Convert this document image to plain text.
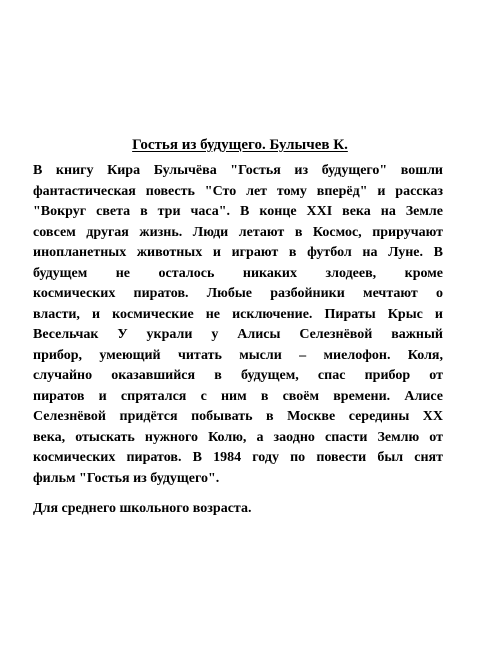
Гостья из будущего. Булычев К.

В книгу Кира Булычёва "Гостья из будущего" вошли
фантастическая повесть "Сто лет тому вперёд" и рассказ
"Вокруг света в три часа". В конце XXI века на Земле
совсем другая жизнь. Люди летают в Космос, приручают
инопланетных животных и играют в футбол на Луне. В
будущем не осталось никаких злодеев, кроме
космических пиратов. Любые разбойники мечтают о
власти, и космические не исключение. Пираты Крыс и
Весельчак У украли у Алисы Селезнёвой важный
прибор, умеющий читать мысли – миелофон. Коля,
случайно оказавшийся в будущем, спас прибор от
пиратов и спрятался с ним в своём времени. Алисе
Селезнёвой придётся побывать в Москве середины XX
века, отыскать нужного Колю, а заодно спасти Землю от
космических пиратов. В 1984 году по повести был снят
фильм "Гостья из будущего".

Для среднего школьного возраста.
